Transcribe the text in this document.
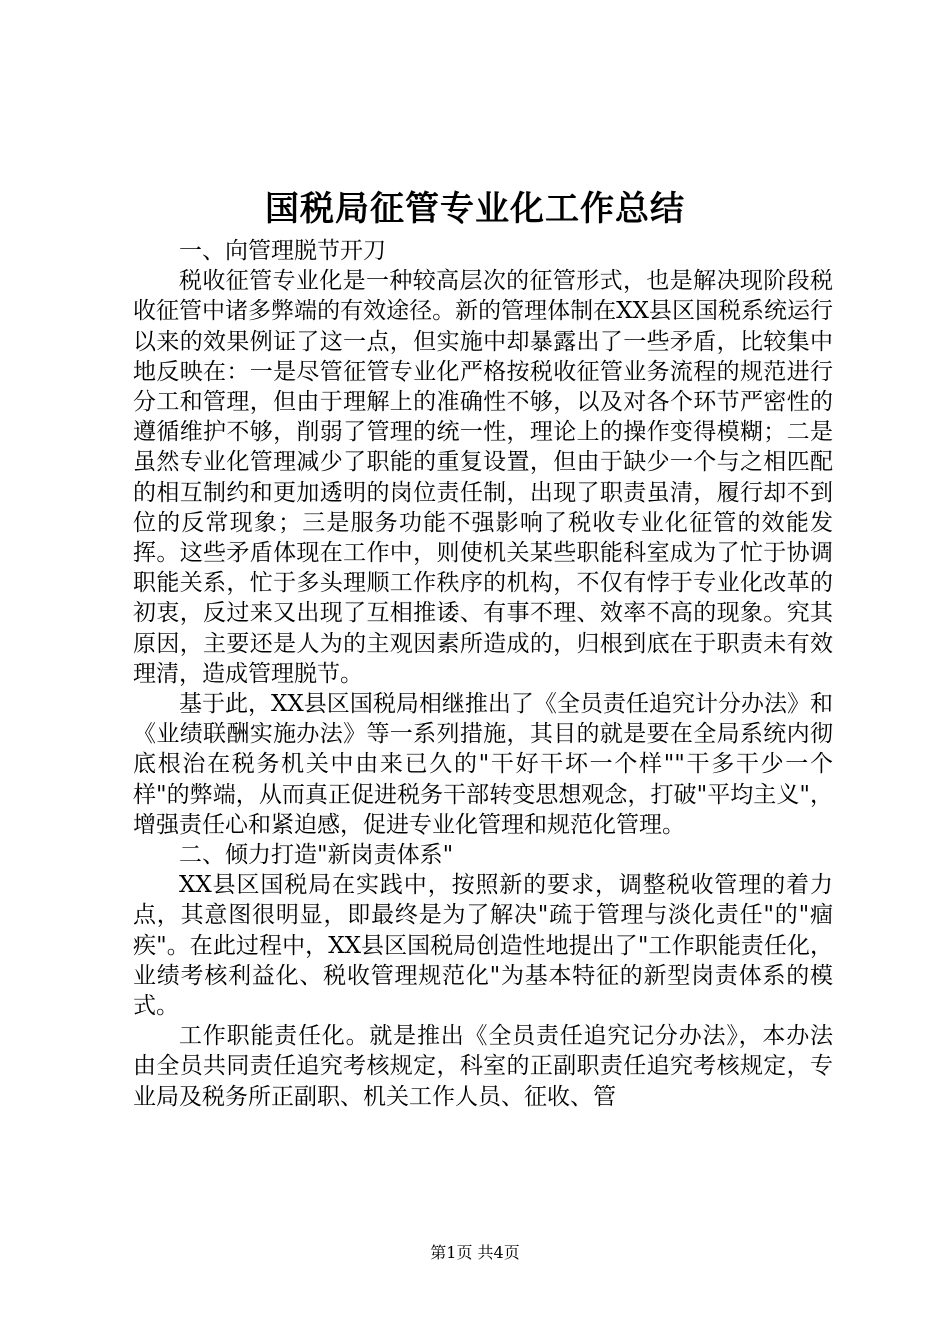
国税局征管专业化工作总结

一、向管理脱节开刀

税收征管专业化是一种较高层次的征管形式，也是解决现阶段税收征管中诸多弊端的有效途径。新的管理体制在XX县区国税系统运行以来的效果例证了这一点，但实施中却暴露出了一些矛盾，比较集中地反映在：一是尽管征管专业化严格按税收征管业务流程的规范进行分工和管理，但由于理解上的准确性不够，以及对各个环节严密性的遵循维护不够，削弱了管理的统一性，理论上的操作变得模糊；二是虽然专业化管理减少了职能的重复设置，但由于缺少一个与之相匹配的相互制约和更加透明的岗位责任制，出现了职责虽清，履行却不到位的反常现象；三是服务功能不强影响了税收专业化征管的效能发挥。这些矛盾体现在工作中，则使机关某些职能科室成为了忙于协调职能关系，忙于多头理顺工作秩序的机构，不仅有悖于专业化改革的初衷，反过来又出现了互相推诿、有事不理、效率不高的现象。究其原因，主要还是人为的主观因素所造成的，归根到底在于职责未有效理清，造成管理脱节。

基于此，XX县区国税局相继推出了《全员责任追究计分办法》和《业绩联酬实施办法》等一系列措施，其目的就是要在全局系统内彻底根治在税务机关中由来已久的"干好干坏一个样""干多干少一个样"的弊端，从而真正促进税务干部转变思想观念，打破"平均主义"，增强责任心和紧迫感，促进专业化管理和规范化管理。

二、倾力打造"新岗责体系"

XX县区国税局在实践中，按照新的要求，调整税收管理的着力点，其意图很明显，即最终是为了解决"疏于管理与淡化责任"的"痼疾"。在此过程中，XX县区国税局创造性地提出了"工作职能责任化，业绩考核利益化、税收管理规范化"为基本特征的新型岗责体系的模式。

工作职能责任化。就是推出《全员责任追究记分办法》，本办法由全员共同责任追究考核规定，科室的正副职责任追究考核规定，专业局及税务所正副职、机关工作人员、征收、管

第1页 共4页
